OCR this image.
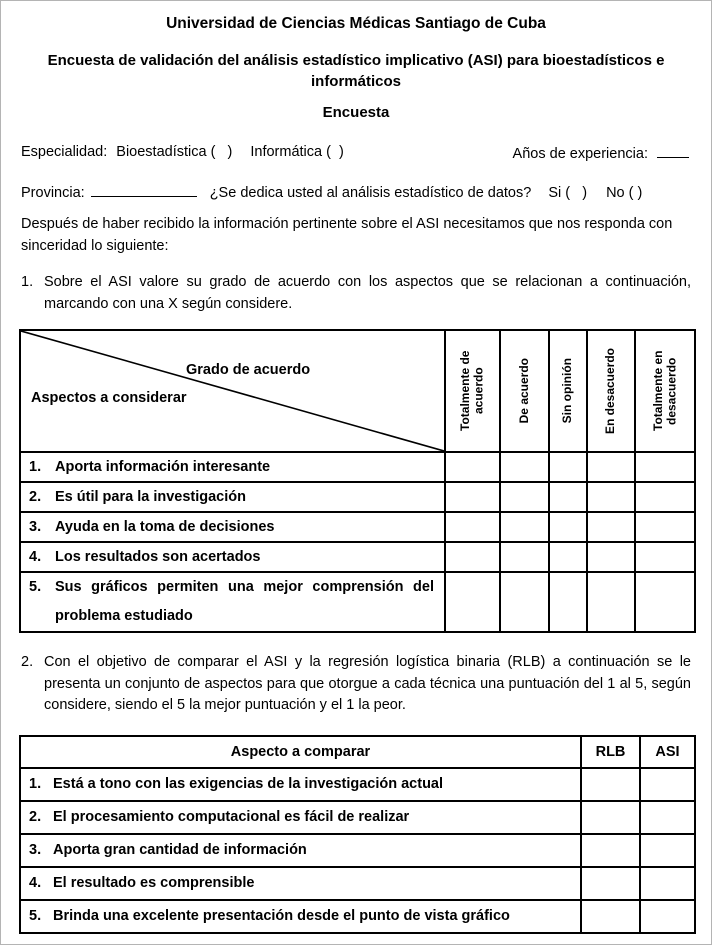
Universidad de Ciencias Médicas Santiago de Cuba
Encuesta de validación del análisis estadístico implicativo (ASI) para bioestadísticos e informáticos
Encuesta
Especialidad: Bioestadística (   ) Informática (  )	Años de experiencia:
Provincia:	¿Se dedica usted al análisis estadístico de datos? Si (   ) No ( )
Después de haber recibido la información pertinente sobre el ASI necesitamos que nos responda con sinceridad lo siguiente:
1. Sobre el ASI valore su grado de acuerdo con los aspectos que se relacionan a continuación, marcando con una X según considere.
Grado de acuerdo
Aspectos a considerar	Totalmente de acuerdo	De acuerdo	Sin opinión	En desacuerdo	Totalmente en desacuerdo

1. Aporta información interesante					

2. Es útil para la investigación					

3. Ayuda en la toma de decisiones					

4. Los resultados son acertados					

5. Sus gráficos permiten una mejor comprensión del problema estudiado					

2. Con el objetivo de comparar el ASI y la regresión logística binaria (RLB) a continuación se le presenta un conjunto de aspectos para que otorgue a cada técnica una puntuación del 1 al 5, según considere, siendo el 5 la mejor puntuación y el 1 la peor.
Aspecto a comparar	RLB	ASI

1. Está a tono con las exigencias de la investigación actual		

2. El procesamiento computacional es fácil de realizar		

3. Aporta gran cantidad de información		

4. El resultado es comprensible		

5. Brinda una excelente presentación desde el punto de vista gráfico		
